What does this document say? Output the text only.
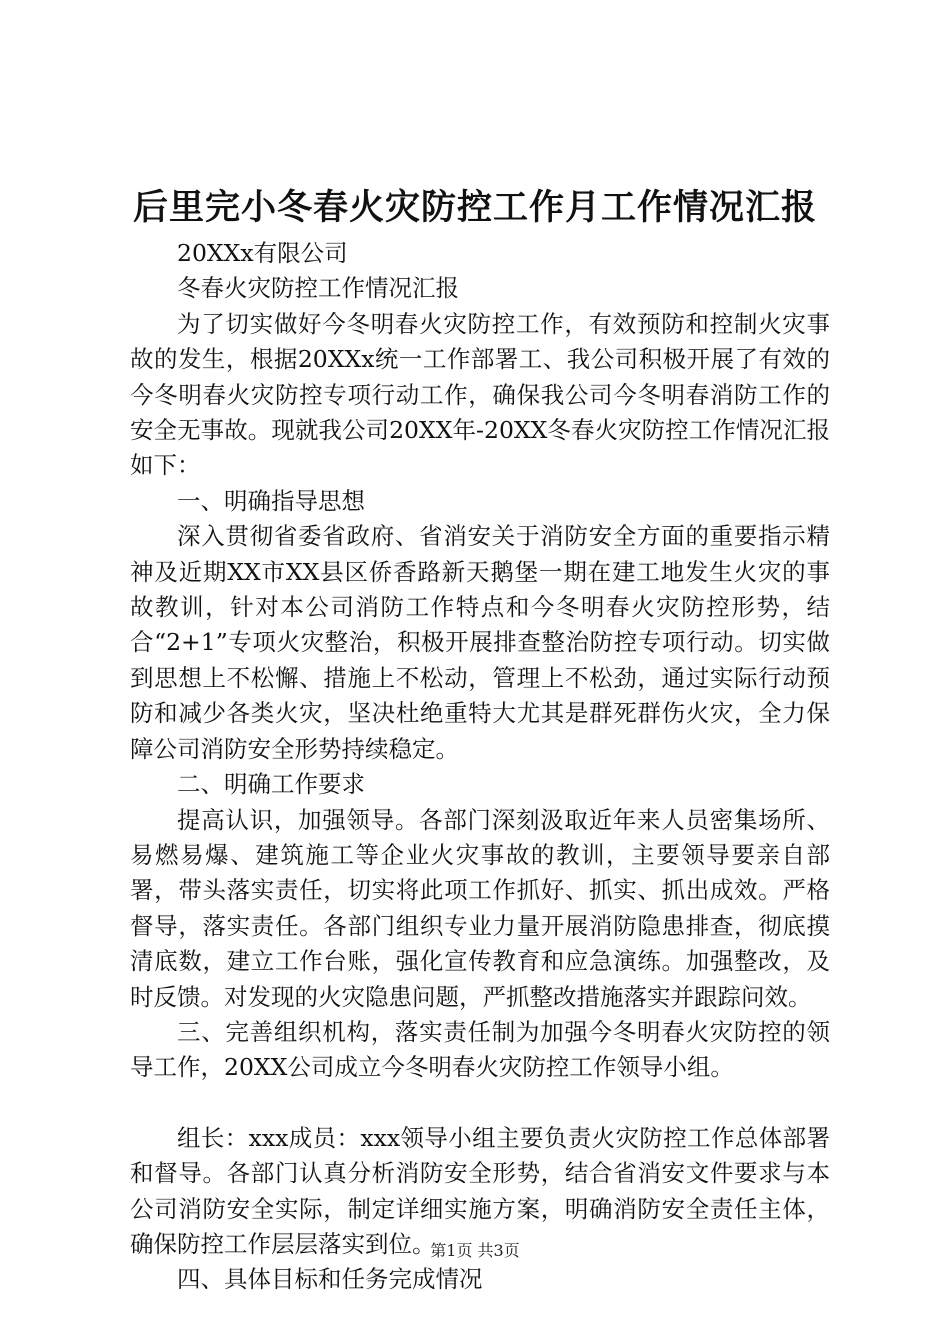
后里完小冬春火灾防控工作月工作情况汇报

20XXx有限公司

冬春火灾防控工作情况汇报

为了切实做好今冬明春火灾防控工作，有效预防和控制火灾事故的发生，根据20XXx统一工作部署工、我公司积极开展了有效的今冬明春火灾防控专项行动工作，确保我公司今冬明春消防工作的安全无事故。现就我公司20XX年-20XX冬春火灾防控工作情况汇报如下：

一、明确指导思想

深入贯彻省委省政府、省消安关于消防安全方面的重要指示精神及近期XX市XX县区侨香路新天鹅堡一期在建工地发生火灾的事故教训，针对本公司消防工作特点和今冬明春火灾防控形势，结合“2+1”专项火灾整治，积极开展排查整治防控专项行动。切实做到思想上不松懈、措施上不松动，管理上不松劲，通过实际行动预防和减少各类火灾，坚决杜绝重特大尤其是群死群伤火灾，全力保障公司消防安全形势持续稳定。

二、明确工作要求

提高认识，加强领导。各部门深刻汲取近年来人员密集场所、易燃易爆、建筑施工等企业火灾事故的教训，主要领导要亲自部署，带头落实责任，切实将此项工作抓好、抓实、抓出成效。严格督导，落实责任。各部门组织专业力量开展消防隐患排查，彻底摸清底数，建立工作台账，强化宣传教育和应急演练。加强整改，及时反馈。对发现的火灾隐患问题，严抓整改措施落实并跟踪问效。

三、完善组织机构，落实责任制为加强今冬明春火灾防控的领导工作，20XX公司成立今冬明春火灾防控工作领导小组。

组长：xxx成员：xxx领导小组主要负责火灾防控工作总体部署和督导。各部门认真分析消防安全形势，结合省消安文件要求与本公司消防安全实际，制定详细实施方案，明确消防安全责任主体，确保防控工作层层落实到位。

四、具体目标和任务完成情况

第1页 共3页
